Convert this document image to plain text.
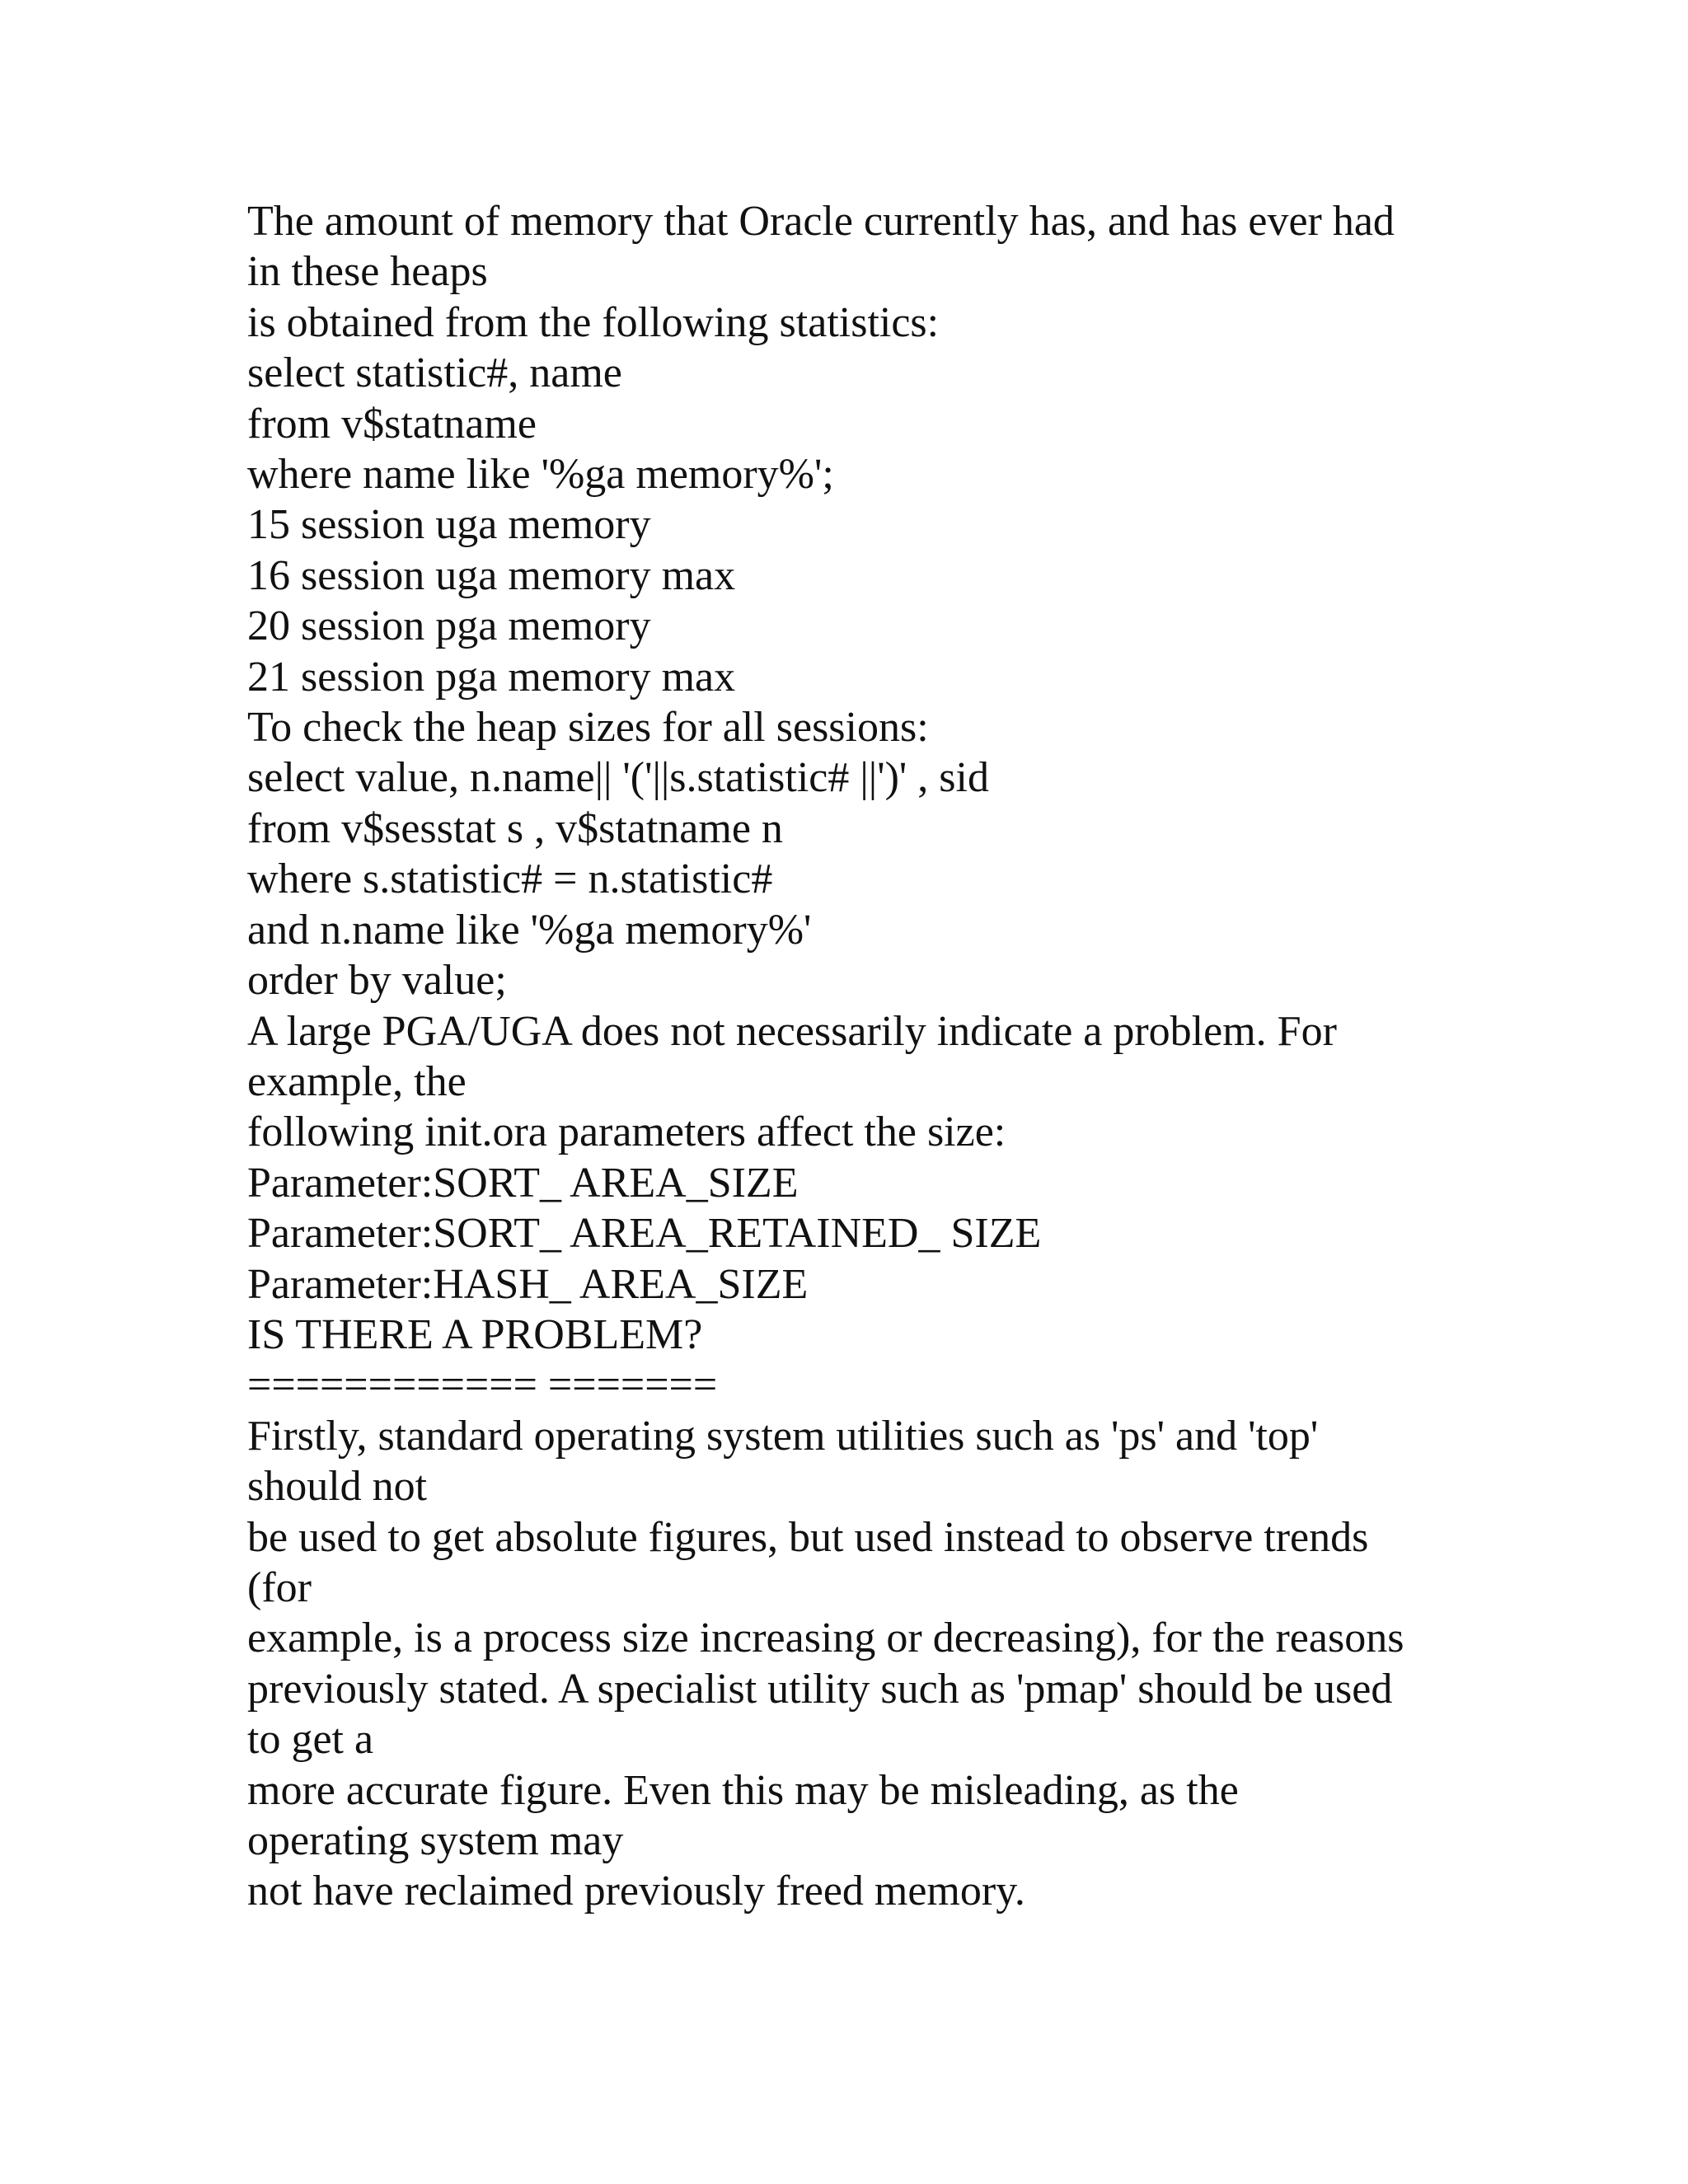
The amount of memory that Oracle currently has, and has ever had
in these heaps
is obtained from the following statistics:
select statistic#, name
from v$statname
where name like '%ga memory%';
15 session uga memory
16 session uga memory max
20 session pga memory
21 session pga memory max
To check the heap sizes for all sessions:
select value, n.name|| '('||s.statistic# ||')' , sid
from v$sesstat s , v$statname n
where s.statistic# = n.statistic#
and n.name like '%ga memory%'
order by value;
A large PGA/UGA does not necessarily indicate a problem. For
example, the
following init.ora parameters affect the size:
Parameter:SORT_ AREA_SIZE
Parameter:SORT_ AREA_RETAINED_ SIZE
Parameter:HASH_ AREA_SIZE
IS THERE A PROBLEM?
============ =======
Firstly, standard operating system utilities such as 'ps' and 'top'
should not
be used to get absolute figures, but used instead to observe trends
(for
example, is a process size increasing or decreasing), for the reasons
previously stated. A specialist utility such as 'pmap' should be used
to get a
more accurate figure. Even this may be misleading, as the
operating system may
not have reclaimed previously freed memory.
